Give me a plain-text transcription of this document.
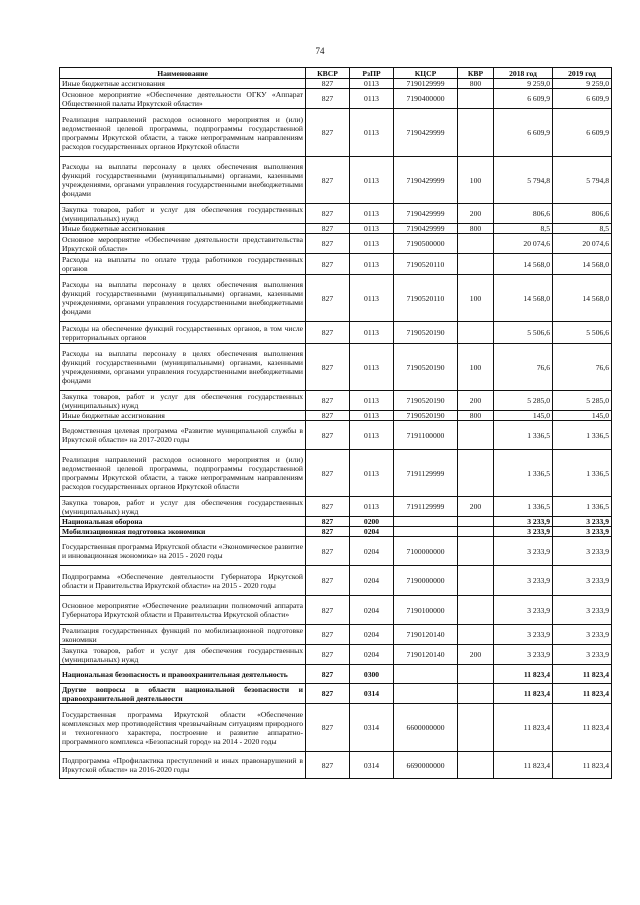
74
Наименование	КВСР	РзПР	КЦСР	КВР	2018 год	2019 год
Иные бюджетные ассигнования	827	0113	7190129999	800	9 259,0	9 259,0
Основное мероприятие «Обеспечение деятельности ОГКУ «Аппарат Общественной палаты Иркутской области»	827	0113	7190400000		6 609,9	6 609,9
Реализация направлений расходов основного мероприятия и (или) ведомственной целевой программы, подпрограммы государственной программы Иркутской области, а также непрограммным направлениям расходов государственных органов Иркутской области	827	0113	7190429999		6 609,9	6 609,9
Расходы на выплаты персоналу в целях обеспечения выполнения функций государственными (муниципальными) органами, казенными учреждениями, органами управления государственными внебюджетными фондами	827	0113	7190429999	100	5 794,8	5 794,8
Закупка товаров, работ и услуг для обеспечения государственных (муниципальных) нужд	827	0113	7190429999	200	806,6	806,6
Иные бюджетные ассигнования	827	0113	7190429999	800	8,5	8,5
Основное мероприятие «Обеспечение деятельности представительства Иркутской области»	827	0113	7190500000		20 074,6	20 074,6
Расходы на выплаты по оплате труда работников государственных органов	827	0113	7190520110		14 568,0	14 568,0
Расходы на выплаты персоналу в целях обеспечения выполнения функций государственными (муниципальными) органами, казенными учреждениями, органами управления государственными внебюджетными фондами	827	0113	7190520110	100	14 568,0	14 568,0
Расходы на обеспечение функций государственных органов, в том числе территориальных органов	827	0113	7190520190		5 506,6	5 506,6
Расходы на выплаты персоналу в целях обеспечения выполнения функций государственными (муниципальными) органами, казенными учреждениями, органами управления государственными внебюджетными фондами	827	0113	7190520190	100	76,6	76,6
Закупка товаров, работ и услуг для обеспечения государственных (муниципальных) нужд	827	0113	7190520190	200	5 285,0	5 285,0
Иные бюджетные ассигнования	827	0113	7190520190	800	145,0	145,0
Ведомственная целевая программа «Развитие муниципальной службы в Иркутской области» на 2017-2020 годы	827	0113	7191100000		1 336,5	1 336,5
Реализация направлений расходов основного мероприятия и (или) ведомственной целевой программы, подпрограммы государственной программы Иркутской области, а также непрограммным направлениям расходов государственных органов Иркутской области	827	0113	7191129999		1 336,5	1 336,5
Закупка товаров, работ и услуг для обеспечения государственных (муниципальных) нужд	827	0113	7191129999	200	1 336,5	1 336,5
Национальная оборона	827	0200			3 233,9	3 233,9
Мобилизационная подготовка экономики	827	0204			3 233,9	3 233,9
Государственная программа Иркутской области «Экономическое развитие и инновационная экономика» на 2015 - 2020 годы	827	0204	7100000000		3 233,9	3 233,9
Подпрограмма «Обеспечение деятельности Губернатора Иркутской области и Правительства Иркутской области» на 2015 - 2020 годы	827	0204	7190000000		3 233,9	3 233,9
Основное мероприятие «Обеспечение реализации полномочий аппарата Губернатора Иркутской области и Правительства Иркутской области»	827	0204	7190100000		3 233,9	3 233,9
Реализация государственных функций по мобилизационной подготовке экономики	827	0204	7190120140		3 233,9	3 233,9
Закупка товаров, работ и услуг для обеспечения государственных (муниципальных) нужд	827	0204	7190120140	200	3 233,9	3 233,9
Национальная безопасность и правоохранительная деятельность	827	0300			11 823,4	11 823,4
Другие вопросы в области национальной безопасности и правоохранительной деятельности	827	0314			11 823,4	11 823,4
Государственная программа Иркутской области «Обеспечение комплексных мер противодействия чрезвычайным ситуациям природного и техногенного характера, построение и развитие аппаратно-программного комплекса «Безопасный город» на 2014 - 2020 годы	827	0314	6600000000		11 823,4	11 823,4
Подпрограмма «Профилактика преступлений и иных правонарушений в Иркутской области» на 2016-2020 годы	827	0314	6690000000		11 823,4	11 823,4
